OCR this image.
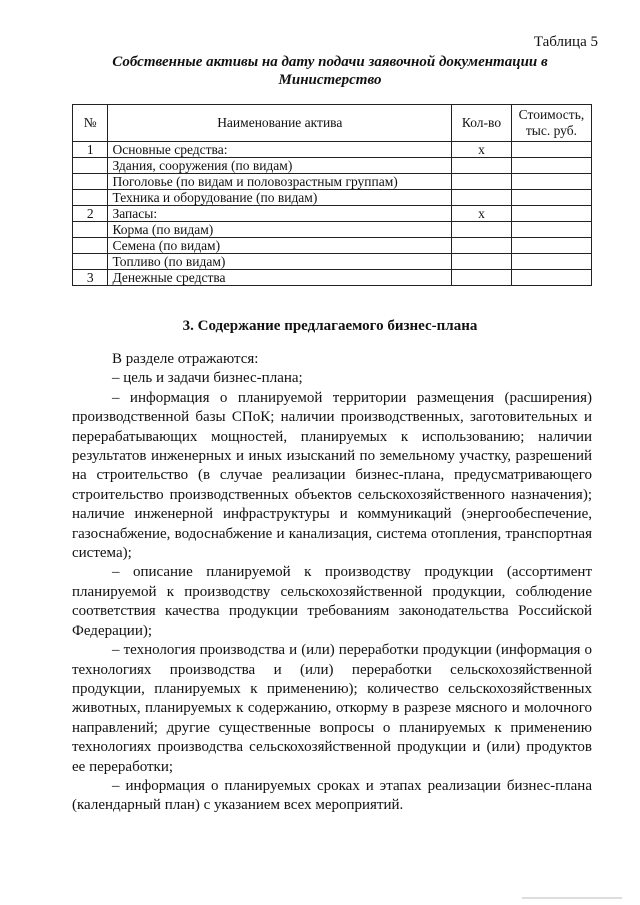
Таблица 5
Собственные активы на дату подачи заявочной документации в
Министерство
№	Наименование актива	Кол-во	Стоимость, тыс. руб.
1	Основные средства:	х	
	Здания, сооружения (по видам)		
	Поголовье (по видам и половозрастным группам)		
	Техника и оборудование (по видам)		
2	Запасы:	х	
	Корма (по видам)		
	Семена (по видам)		
	Топливо (по видам)		
3	Денежные средства		
3. Содержание предлагаемого бизнес-плана

В разделе отражаются:

– цель и задачи бизнес-плана;

– информация о планируемой территории размещения (расширения) производственной базы СПоК; наличии производственных, заготовительных и перерабатывающих мощностей, планируемых к использованию; наличии результатов инженерных и иных изысканий по земельному участку, разрешений на строительство (в случае реализации бизнес-плана, предусматривающего строительство производственных объектов сельскохозяйственного назначения); наличие инженерной инфраструктуры и коммуникаций (энергообеспечение, газоснабжение, водоснабжение и канализация, система отопления, транспортная система);

– описание планируемой к производству продукции (ассортимент планируемой к производству сельскохозяйственной продукции, соблюдение соответствия качества продукции требованиям законодательства Российской Федерации);

– технология производства и (или) переработки продукции (информация о технологиях производства и (или) переработки сельскохозяйственной продукции, планируемых к применению); количество сельскохозяйственных животных, планируемых к содержанию, откорму в разрезе мясного и молочного направлений; другие существенные вопросы о планируемых к применению технологиях производства сельскохозяйственной продукции и (или) продуктов ее переработки;

– информация о планируемых сроках и этапах реализации бизнес-плана (календарный план) с указанием всех мероприятий.
